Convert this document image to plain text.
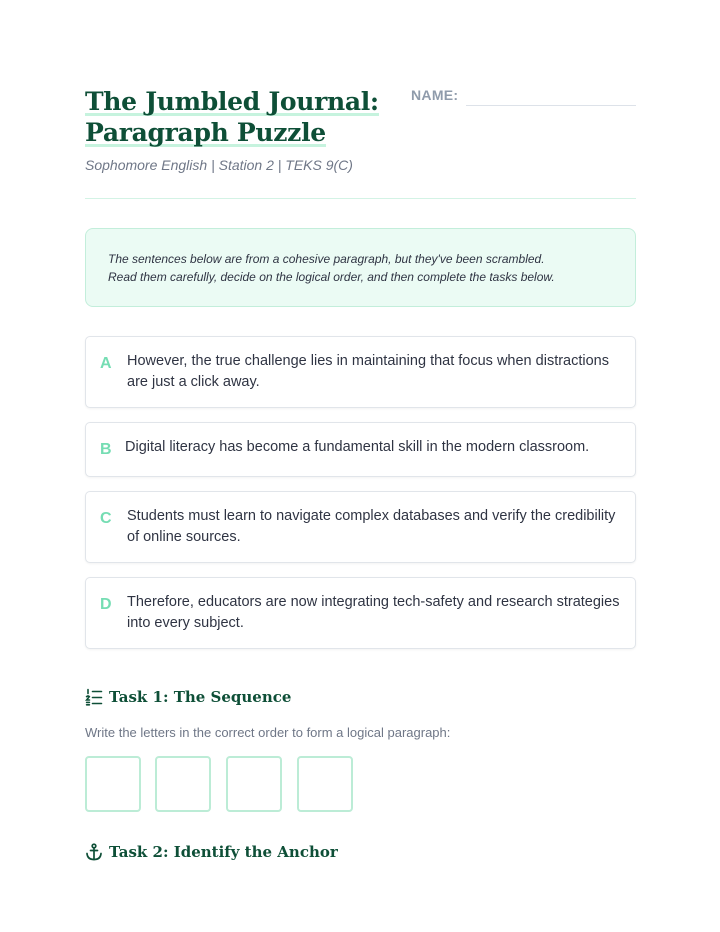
The Jumbled Journal:
Paragraph Puzzle
NAME:
Sophomore English | Station 2 | TEKS 9(C)
The sentences below are from a cohesive paragraph, but they've been scrambled.
Read them carefully, decide on the logical order, and then complete the tasks below.
A However, the true challenge lies in maintaining that focus when distractions are just a click away.
B Digital literacy has become a fundamental skill in the modern classroom.
C Students must learn to navigate complex databases and verify the credibility of online sources.
D Therefore, educators are now integrating tech-safety and research strategies into every subject.
Task 1: The Sequence
Write the letters in the correct order to form a logical paragraph:
Task 2: Identify the Anchor
